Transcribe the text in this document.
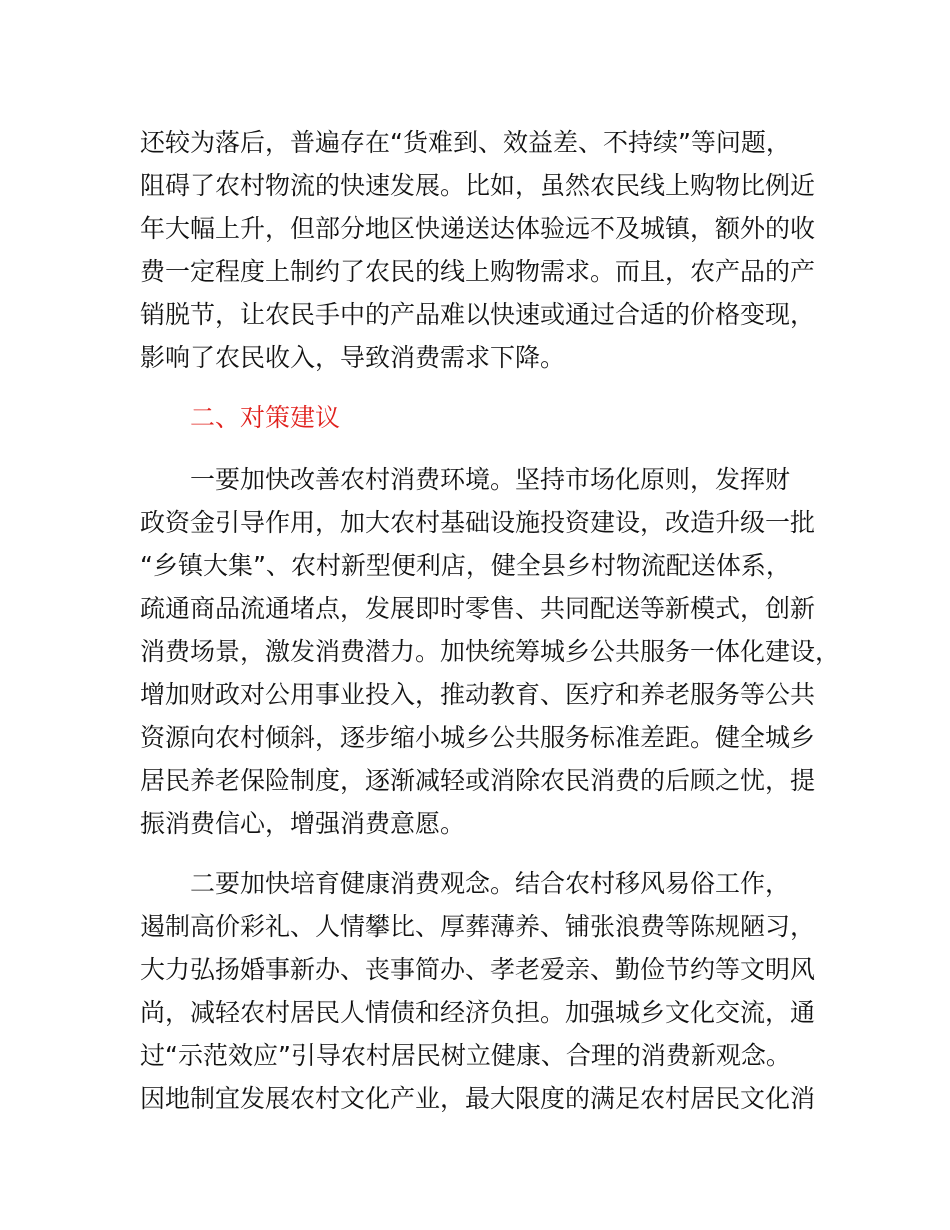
还较为落后，普遍存在“货难到、效益差、不持续”等问题，
阻碍了农村物流的快速发展。比如，虽然农民线上购物比例近
年大幅上升，但部分地区快递送达体验远不及城镇，额外的收
费一定程度上制约了农民的线上购物需求。而且，农产品的产
销脱节，让农民手中的产品难以快速或通过合适的价格变现，
影响了农民收入，导致消费需求下降。
二、对策建议
一要加快改善农村消费环境。坚持市场化原则，发挥财
政资金引导作用，加大农村基础设施投资建设，改造升级一批
“乡镇大集”、农村新型便利店，健全县乡村物流配送体系，
疏通商品流通堵点，发展即时零售、共同配送等新模式，创新
消费场景，激发消费潜力。加快统筹城乡公共服务一体化建设，
增加财政对公用事业投入，推动教育、医疗和养老服务等公共
资源向农村倾斜，逐步缩小城乡公共服务标准差距。健全城乡
居民养老保险制度，逐渐减轻或消除农民消费的后顾之忧，提
振消费信心，增强消费意愿。
二要加快培育健康消费观念。结合农村移风易俗工作，
遏制高价彩礼、人情攀比、厚葬薄养、铺张浪费等陈规陋习，
大力弘扬婚事新办、丧事简办、孝老爱亲、勤俭节约等文明风
尚，减轻农村居民人情债和经济负担。加强城乡文化交流，通
过“示范效应”引导农村居民树立健康、合理的消费新观念。
因地制宜发展农村文化产业，最大限度的满足农村居民文化消
